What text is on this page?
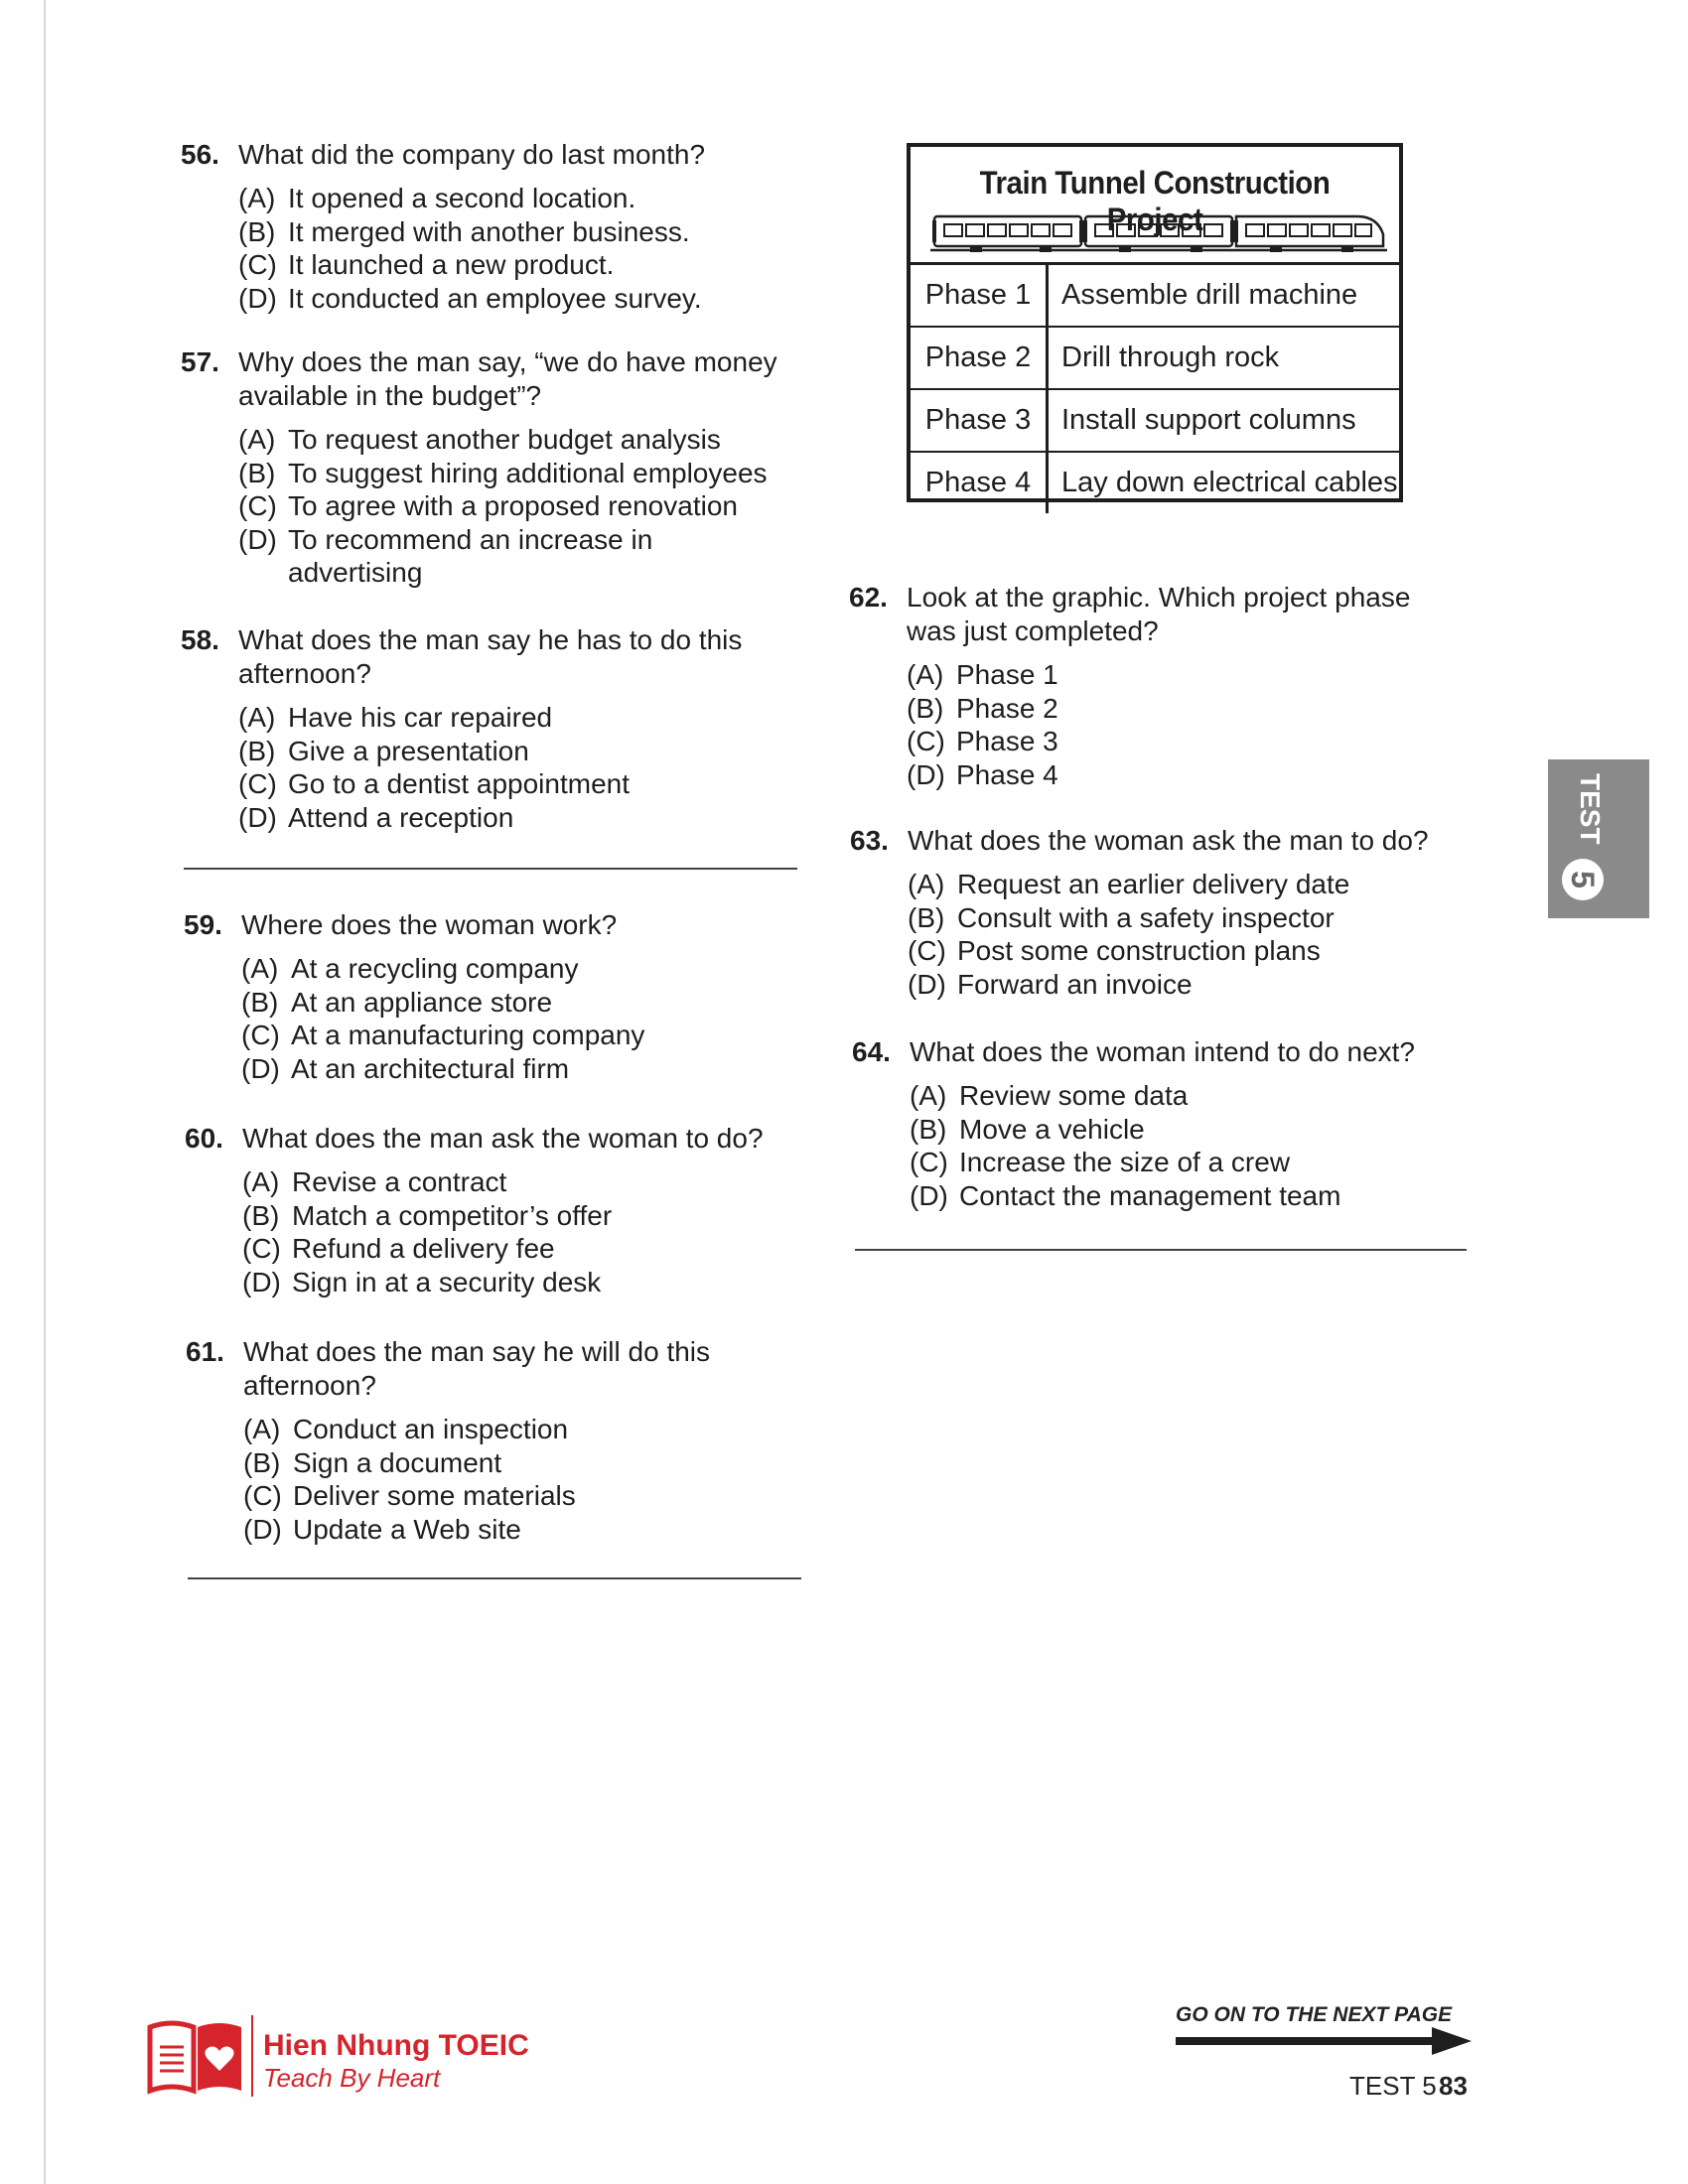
56. What did the company do last month?
(A) It opened a second location.
(B) It merged with another business.
(C) It launched a new product.
(D) It conducted an employee survey.
57. Why does the man say, “we do have money
available in the budget”?
(A) To request another budget analysis
(B) To suggest hiring additional employees
(C) To agree with a proposed renovation
(D) To recommend an increase in
advertising
58. What does the man say he has to do this
afternoon?
(A) Have his car repaired
(B) Give a presentation
(C) Go to a dentist appointment
(D) Attend a reception
59. Where does the woman work?
(A) At a recycling company
(B) At an appliance store
(C) At a manufacturing company
(D) At an architectural firm
60. What does the man ask the woman to do?
(A) Revise a contract
(B) Match a competitor’s offer
(C) Refund a delivery fee
(D) Sign in at a security desk
61. What does the man say he will do this
afternoon?
(A) Conduct an inspection
(B) Sign a document
(C) Deliver some materials
(D) Update a Web site
Train Tunnel Construction Project
Phase 1	Assemble drill machine
Phase 2	Drill through rock
Phase 3	Install support columns
Phase 4	Lay down electrical cables
62. Look at the graphic. Which project phase
was just completed?
(A) Phase 1
(B) Phase 2
(C) Phase 3
(D) Phase 4
63. What does the woman ask the man to do?
(A) Request an earlier delivery date
(B) Consult with a safety inspector
(C) Post some construction plans
(D) Forward an invoice
64. What does the woman intend to do next?
(A) Review some data
(B) Move a vehicle
(C) Increase the size of a crew
(D) Contact the management team
TEST
5
Hien Nhung TOEIC
Teach By Heart
GO ON TO THE NEXT PAGE
TEST 5 83
